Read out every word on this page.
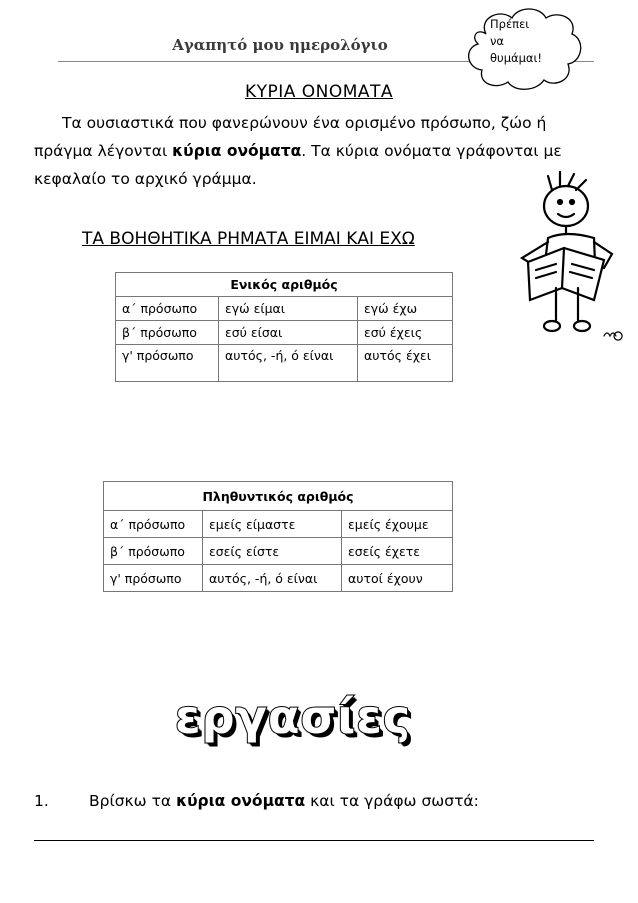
Αγαπητό μου ημερολόγιο
Πρέπει
να
θυμάμαι!
ΚΥΡΙΑ ΟΝΟΜΑΤΑ
Τα ουσιαστικά που φανερώνουν ένα ορισμένο πρόσωπο, ζώο ή πράγμα λέγονται κύρια ονόματα. Τα κύρια ονόματα γράφονται με κεφαλαίο το αρχικό γράμμα.
ΤΑ ΒΟΗΘΗΤΙΚΑ ΡΗΜΑΤΑ ΕΙΜΑΙ ΚΑΙ ΕΧΩ
Ενικός αριθμός		
α΄ πρόσωπο	εγώ είμαι	εγώ έχω
β΄ πρόσωπο	εσύ είσαι	εσύ έχεις
γ' πρόσωπο	αυτός, -ή, ό είναι	αυτός έχει
Πληθυντικός αριθμός		
α΄ πρόσωπο	εμείς είμαστε	εμείς έχουμε
β΄ πρόσωπο	εσείς είστε	εσείς έχετε
γ' πρόσωπο	αυτός, -ή, ό είναι	αυτοί έχουν
εργασίες
1.	Βρίσκω τα κύρια ονόματα και τα γράφω σωστά:
